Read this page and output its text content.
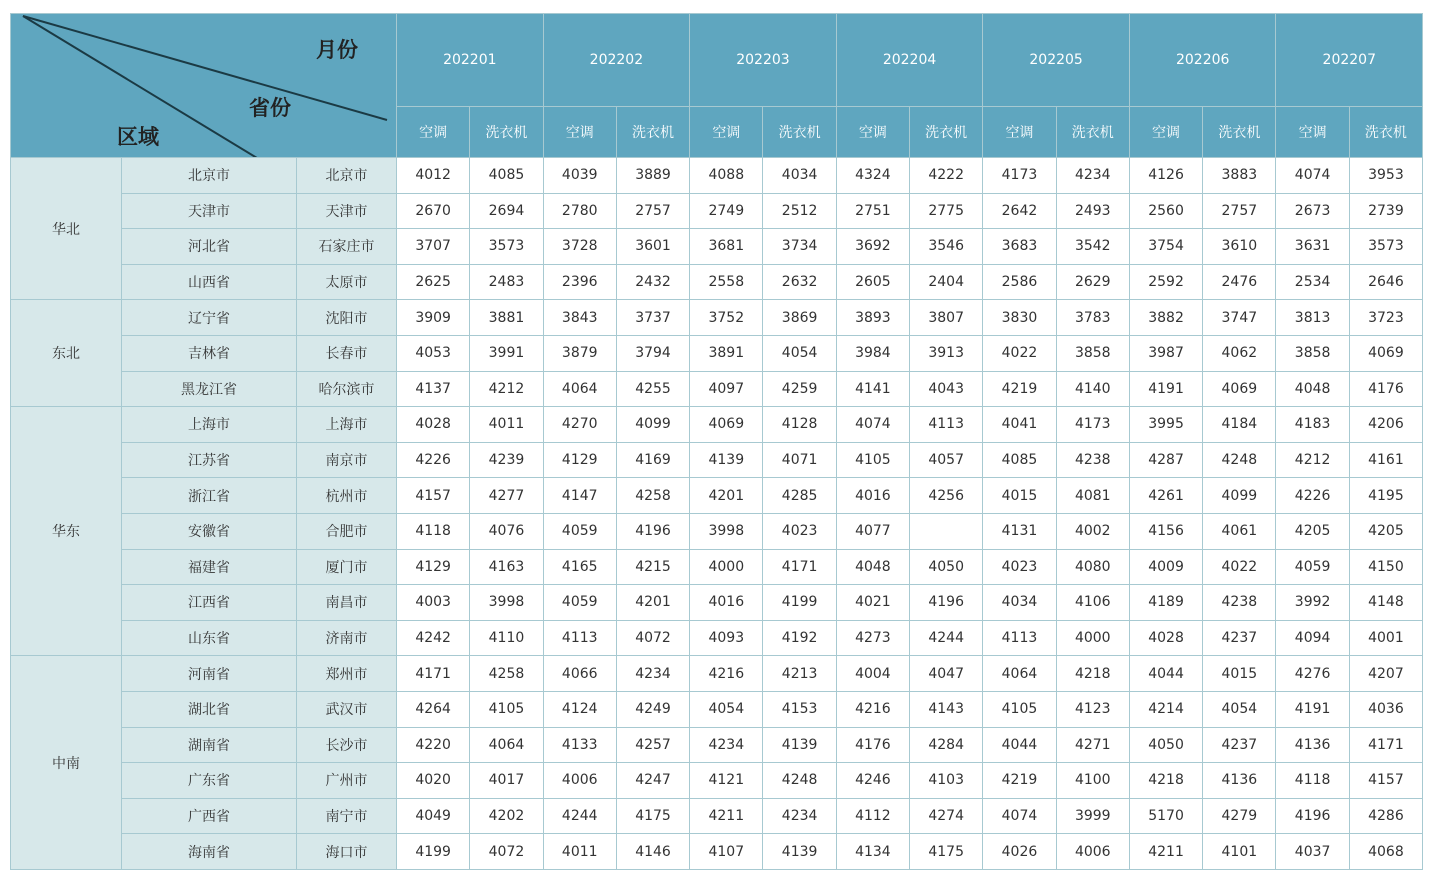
月份
省份
区域			202201		202202		202203		202204		202205		202206		202207	
			空调	洗衣机	空调	洗衣机	空调	洗衣机	空调	洗衣机	空调	洗衣机	空调	洗衣机	空调	洗衣机
华北	北京市	北京市	4012	4085	4039	3889	4088	4034	4324	4222	4173	4234	4126	3883	4074	3953
	天津市	天津市	2670	2694	2780	2757	2749	2512	2751	2775	2642	2493	2560	2757	2673	2739
	河北省	石家庄市	3707	3573	3728	3601	3681	3734	3692	3546	3683	3542	3754	3610	3631	3573
	山西省	太原市	2625	2483	2396	2432	2558	2632	2605	2404	2586	2629	2592	2476	2534	2646
东北	辽宁省	沈阳市	3909	3881	3843	3737	3752	3869	3893	3807	3830	3783	3882	3747	3813	3723
	吉林省	长春市	4053	3991	3879	3794	3891	4054	3984	3913	4022	3858	3987	4062	3858	4069
	黑龙江省	哈尔滨市	4137	4212	4064	4255	4097	4259	4141	4043	4219	4140	4191	4069	4048	4176
华东	上海市	上海市	4028	4011	4270	4099	4069	4128	4074	4113	4041	4173	3995	4184	4183	4206
	江苏省	南京市	4226	4239	4129	4169	4139	4071	4105	4057	4085	4238	4287	4248	4212	4161
	浙江省	杭州市	4157	4277	4147	4258	4201	4285	4016	4256	4015	4081	4261	4099	4226	4195
	安徽省	合肥市	4118	4076	4059	4196	3998	4023	4077		4131	4002	4156	4061	4205	4205
	福建省	厦门市	4129	4163	4165	4215	4000	4171	4048	4050	4023	4080	4009	4022	4059	4150
	江西省	南昌市	4003	3998	4059	4201	4016	4199	4021	4196	4034	4106	4189	4238	3992	4148
	山东省	济南市	4242	4110	4113	4072	4093	4192	4273	4244	4113	4000	4028	4237	4094	4001
中南	河南省	郑州市	4171	4258	4066	4234	4216	4213	4004	4047	4064	4218	4044	4015	4276	4207
	湖北省	武汉市	4264	4105	4124	4249	4054	4153	4216	4143	4105	4123	4214	4054	4191	4036
	湖南省	长沙市	4220	4064	4133	4257	4234	4139	4176	4284	4044	4271	4050	4237	4136	4171
	广东省	广州市	4020	4017	4006	4247	4121	4248	4246	4103	4219	4100	4218	4136	4118	4157
	广西省	南宁市	4049	4202	4244	4175	4211	4234	4112	4274	4074	3999	5170	4279	4196	4286
	海南省	海口市	4199	4072	4011	4146	4107	4139	4134	4175	4026	4006	4211	4101	4037	4068
